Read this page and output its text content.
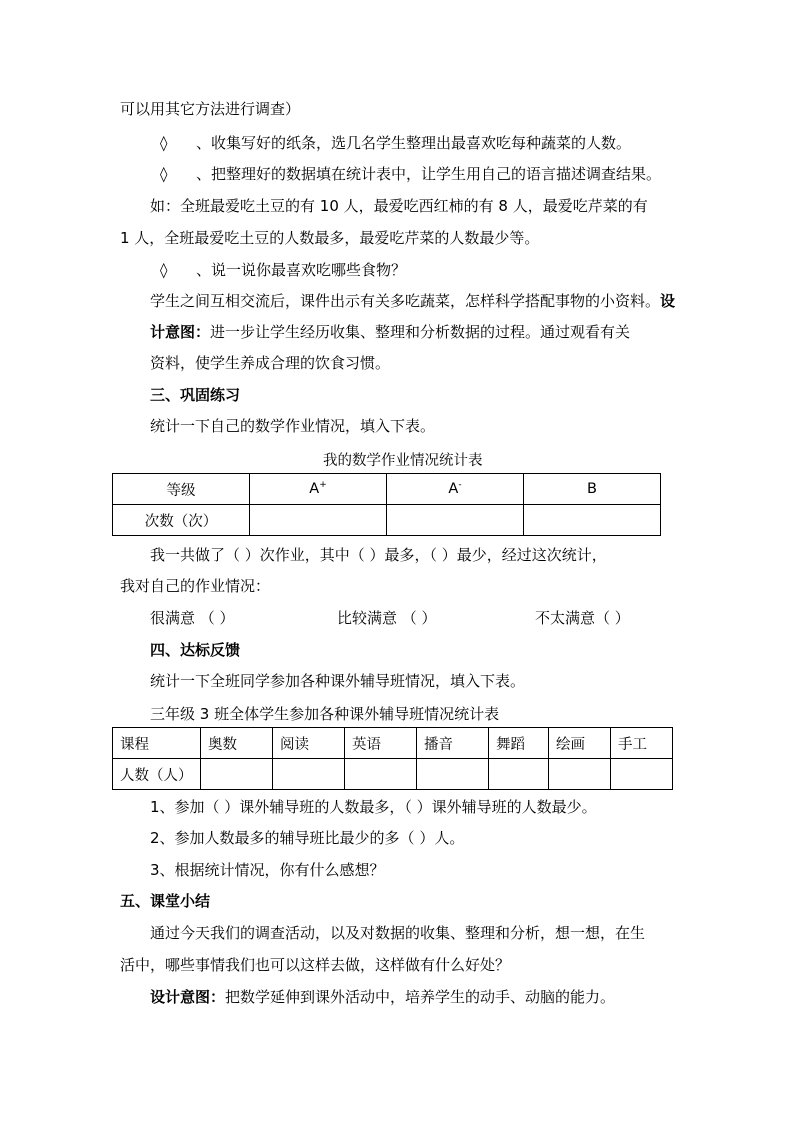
可以用其它方法进行调查）
◊ 、收集写好的纸条，选几名学生整理出最喜欢吃每种蔬菜的人数。
◊ 、把整理好的数据填在统计表中，让学生用自己的语言描述调查结果。
如：全班最爱吃土豆的有 10 人，最爱吃西红柿的有 8 人，最爱吃芹菜的有
1 人，全班最爱吃土豆的人数最多，最爱吃芹菜的人数最少等。
◊ 、说一说你最喜欢吃哪些食物？
学生之间互相交流后，课件出示有关多吃蔬菜，怎样科学搭配事物的小资料。设
计意图：进一步让学生经历收集、整理和分析数据的过程。通过观看有关
资料，使学生养成合理的饮食习惯。
三、巩固练习
统计一下自己的数学作业情况，填入下表。
我的数学作业情况统计表
等级	A+	A-	B
次数（次）			
我一共做了（ ）次作业，其中（ ）最多，（ ）最少，经过这次统计，
我对自己的作业情况：
很满意 （ ）	比较满意 （ ）	不太满意（ ）
四、达标反馈
统计一下全班同学参加各种课外辅导班情况，填入下表。
三年级 3 班全体学生参加各种课外辅导班情况统计表
课程	奥数	阅读	英语	播音	舞蹈	绘画	手工
人数（人）							
1、参加（ ）课外辅导班的人数最多，（ ）课外辅导班的人数最少。
2、参加人数最多的辅导班比最少的多（ ）人。
3、根据统计情况，你有什么感想？
五、课堂小结
通过今天我们的调查活动，以及对数据的收集、整理和分析，想一想，在生
活中，哪些事情我们也可以这样去做，这样做有什么好处？
设计意图：把数学延伸到课外活动中，培养学生的动手、动脑的能力。
